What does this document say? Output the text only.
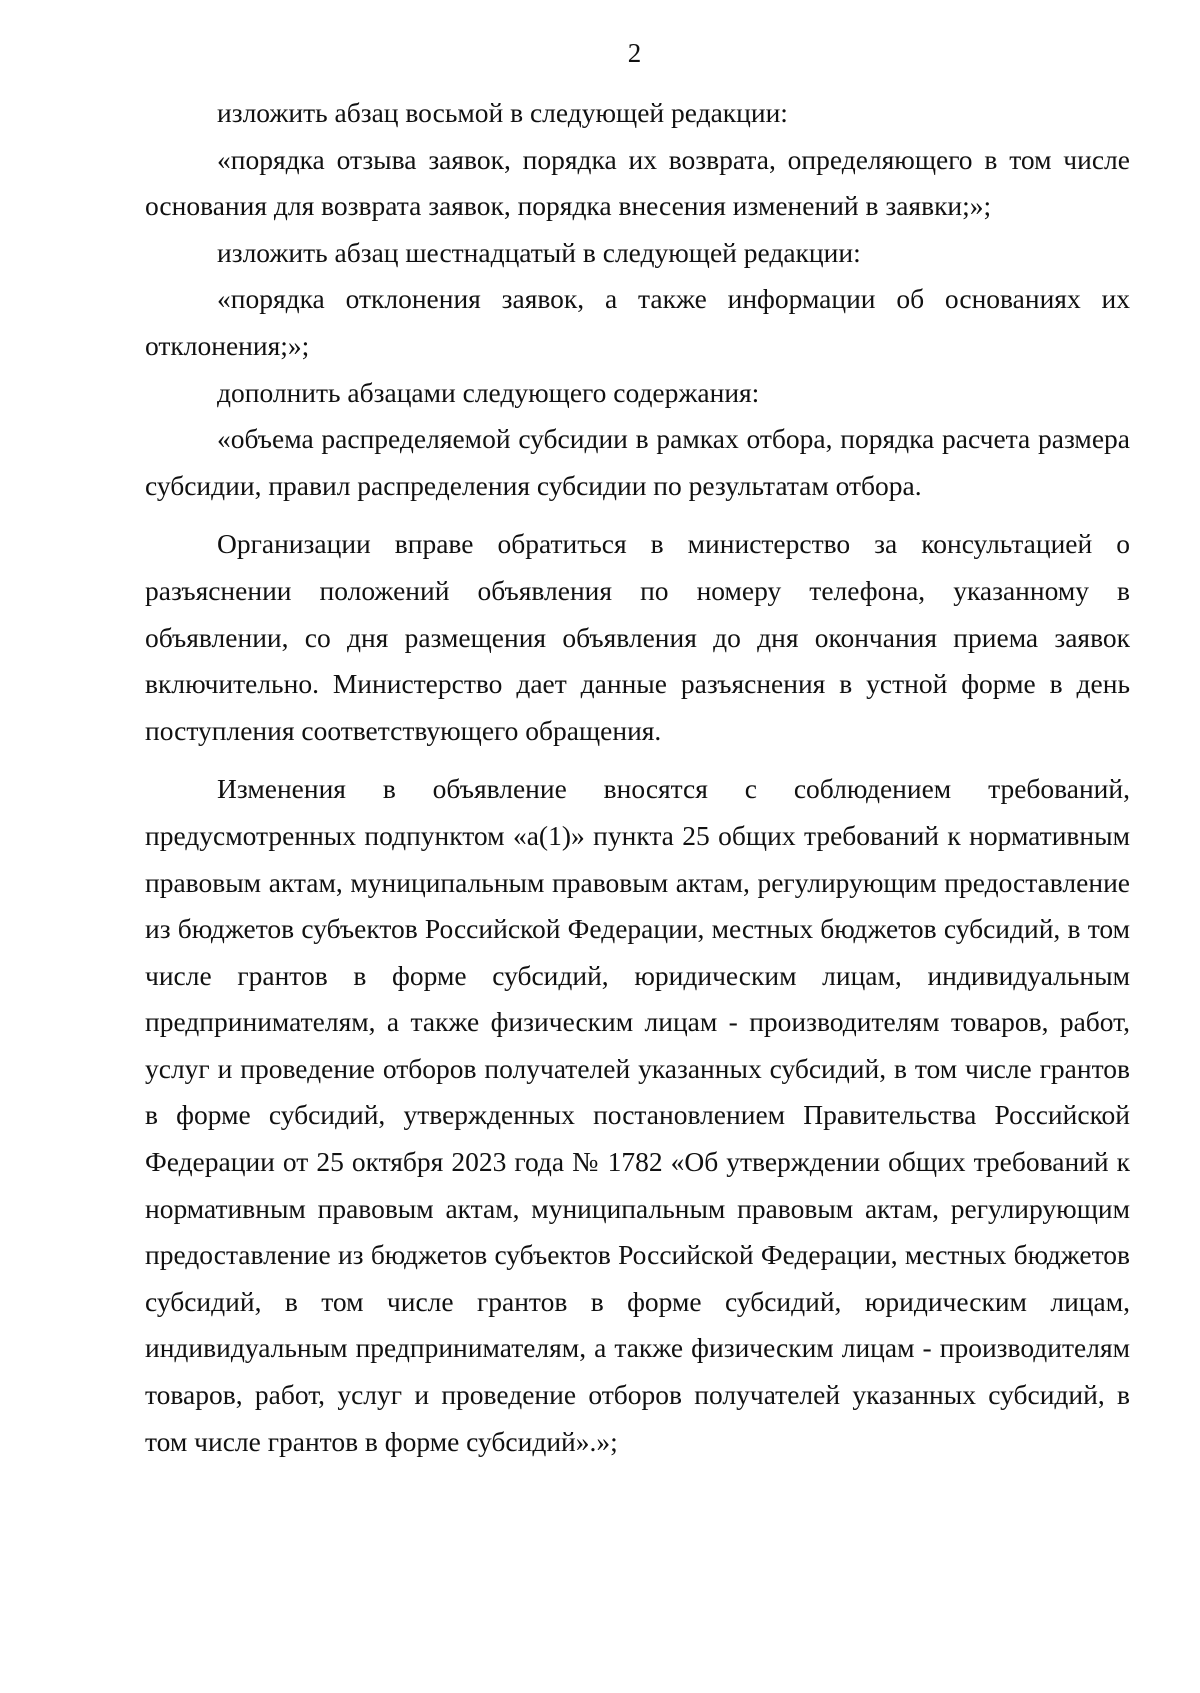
2

изложить абзац восьмой в следующей редакции:

«порядка отзыва заявок, порядка их возврата, определяющего в том числе основания для возврата заявок, порядка внесения изменений в заявки;»;

изложить абзац шестнадцатый в следующей редакции:

«порядка отклонения заявок, а также информации об основаниях их отклонения;»;

дополнить абзацами следующего содержания:

«объема распределяемой субсидии в рамках отбора, порядка расчета размера субсидии, правил распределения субсидии по результатам отбора.

Организации вправе обратиться в министерство за консультацией о разъяснении положений объявления по номеру телефона, указанному в объявлении, со дня размещения объявления до дня окончания приема заявок включительно. Министерство дает данные разъяснения в устной форме в день поступления соответствующего обращения.

Изменения в объявление вносятся с соблюдением требований, предусмотренных подпунктом «а(1)» пункта 25 общих требований к нормативным правовым актам, муниципальным правовым актам, регулирующим предоставление из бюджетов субъектов Российской Федерации, местных бюджетов субсидий, в том числе грантов в форме субсидий, юридическим лицам, индивидуальным предпринимателям, а также физическим лицам - производителям товаров, работ, услуг и проведение отборов получателей указанных субсидий, в том числе грантов в форме субсидий, утвержденных постановлением Правительства Российской Федерации от 25 октября 2023 года № 1782 «Об утверждении общих требований к нормативным правовым актам, муниципальным правовым актам, регулирующим предоставление из бюджетов субъектов Российской Федерации, местных бюджетов субсидий, в том числе грантов в форме субсидий, юридическим лицам, индивидуальным предпринимателям, а также физическим лицам - производителям товаров, работ, услуг и проведение отборов получателей указанных субсидий, в том числе грантов в форме субсидий».»;
